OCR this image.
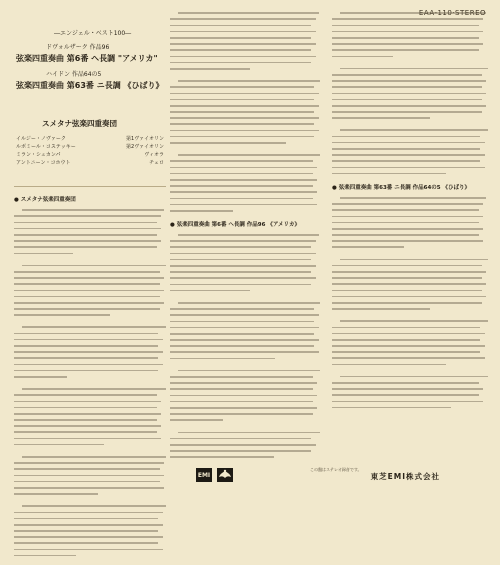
EAA-110·STEREO
―エンジェル・ベスト100―
ドヴォルザーク 作品96
弦楽四重奏曲 第6番 ヘ長調 "アメリカ"
ハイドン 作品64の5
弦楽四重奏曲 第63番 ニ長調 《ひばり》
スメタナ弦楽四重奏団
イルジー・ノヴァーク	第1ヴァイオリン
ルボミール・コステッキー	第2ヴァイオリン
ミラン・シュカンパ	ヴィオラ
アントニーン・コホウト	チェロ
● スメタナ弦楽四重奏団
● 弦楽四重奏曲 第6番 ヘ長調 作品96 《アメリカ》
● 弦楽四重奏曲 第63番 ニ長調 作品64の5 《ひばり》
EMI
この盤はステレオ録音です。
東芝EMI株式会社
